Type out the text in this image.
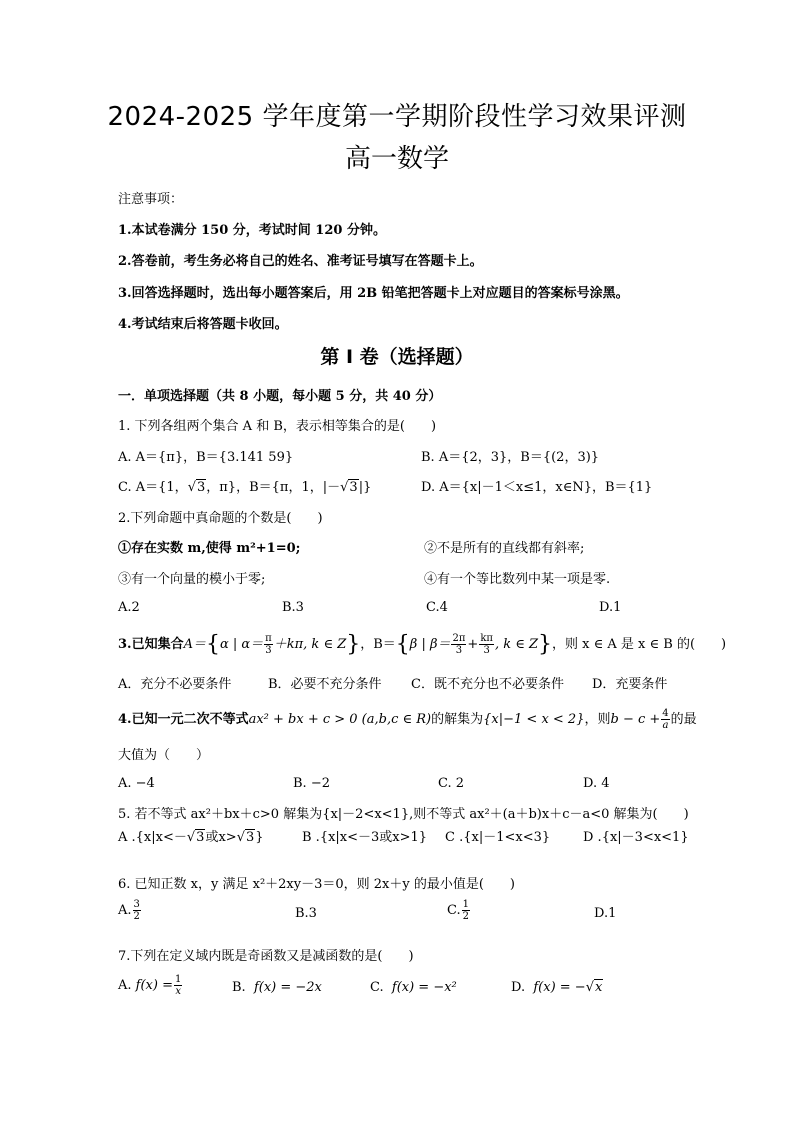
2024-2025 学年度第一学期阶段性学习效果评测
高一数学
注意事项：
1.本试卷满分 150 分，考试时间 120 分钟。
2.答卷前，考生务必将自己的姓名、准考证号填写在答题卡上。
3.回答选择题时，选出每小题答案后，用 2B 铅笔把答题卡上对应题目的答案标号涂黑。
4.考试结束后将答题卡收回。
第 I 卷（选择题）
一．单项选择题（共 8 小题，每小题 5 分，共 40 分）
1. 下列各组两个集合 A 和 B，表示相等集合的是(　　)
A. A＝{π}，B＝{3.141 59}	B. A＝{2，3}，B＝{(2，3)}
C. A＝{1，√3，π}，B＝{π，1，|－√3|}	D. A＝{x|－1＜x≤1，x∈N}，B＝{1}
2.下列命题中真命题的个数是(　　)
①存在实数 m,使得 m²+1=0;	②不是所有的直线都有斜率;
③有一个向量的模小于零;	④有一个等比数列中某一项是零.
A.2	B.3	C.4	D.1
3.已知集合A＝{α | $\alpha= \frac{\pi}{3} +k\pi$, k ∈ Z}，B＝{β | $\beta= \frac{2\pi}{3} + \frac{k\pi}{3}$ , k ∈ Z}，则 x ∈ A 是 x ∈ B 的(　　)
A．充分不必要条件	B．必要不充分条件 C．既不充分也不必要条件 D．充要条件
4.已知一元二次不等式ax² + bx + c > 0 (a,b,c ∈ R)的解集为{x|−1 < x < 2}，则$b - c + \frac{4}{a}$ 的最
大值为（　　）
A. −4	B. −2	C. 2	D. 4
5. 若不等式 ax²＋bx＋c>0 解集为{x|－2<x<1},则不等式 ax²＋(a＋b)x＋c－a<0 解集为(　　)
A .{x|x<－√3或x>√3}	B .{x|x<－3或x>1} C .{x|－1<x<3}	D .{x|－3<x<1}
6. 已知正数 x，y 满足 x²＋2xy－3＝0，则 2x＋y 的最小值是(　　)
A. $\frac{3}{2}$	B.3	C. $\frac{1}{2}$	D.1
7.下列在定义域内既是奇函数又是减函数的是(　　)
A. $f(x) = \frac{1}{x}$	B. f(x) = −2x	C. f(x) = −x²	D. f(x) = −√x
